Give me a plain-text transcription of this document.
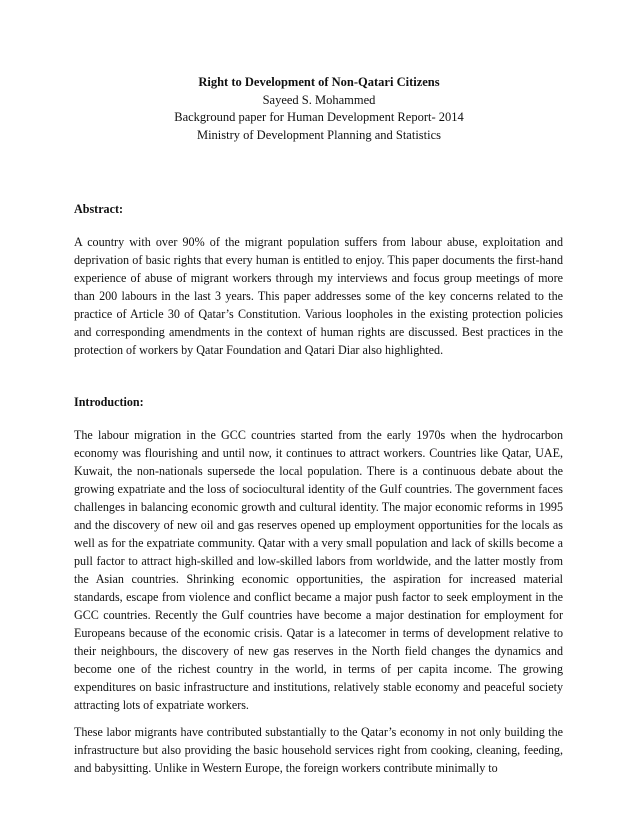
Right to Development of Non-Qatari Citizens
Sayeed S. Mohammed
Background paper for Human Development Report- 2014
Ministry of Development Planning and Statistics
Abstract:

A country with over 90% of the migrant population suffers from labour abuse, exploitation and deprivation of basic rights that every human is entitled to enjoy. This paper documents the first-hand experience of abuse of migrant workers through my interviews and focus group meetings of more than 200 labours in the last 3 years. This paper addresses some of the key concerns related to the practice of Article 30 of Qatar’s Constitution. Various loopholes in the existing protection policies and corresponding amendments in the context of human rights are discussed. Best practices in the protection of workers by Qatar Foundation and Qatari Diar also highlighted.

Introduction:

The labour migration in the GCC countries started from the early 1970s when the hydrocarbon economy was flourishing and until now, it continues to attract workers. Countries like Qatar, UAE, Kuwait, the non-nationals supersede the local population. There is a continuous debate about the growing expatriate and the loss of sociocultural identity of the Gulf countries. The government faces challenges in balancing economic growth and cultural identity. The major economic reforms in 1995 and the discovery of new oil and gas reserves opened up employment opportunities for the locals as well as for the expatriate community. Qatar with a very small population and lack of skills become a pull factor to attract high-skilled and low-skilled labors from worldwide, and the latter mostly from the Asian countries. Shrinking economic opportunities, the aspiration for increased material standards, escape from violence and conflict became a major push factor to seek employment in the GCC countries. Recently the Gulf countries have become a major destination for employment for Europeans because of the economic crisis. Qatar is a latecomer in terms of development relative to their neighbours, the discovery of new gas reserves in the North field changes the dynamics and become one of the richest country in the world, in terms of per capita income. The growing expenditures on basic infrastructure and institutions, relatively stable economy and peaceful society attracting lots of expatriate workers.

These labor migrants have contributed substantially to the Qatar’s economy in not only building the infrastructure but also providing the basic household services right from cooking, cleaning, feeding, and babysitting. Unlike in Western Europe, the foreign workers contribute minimally to
